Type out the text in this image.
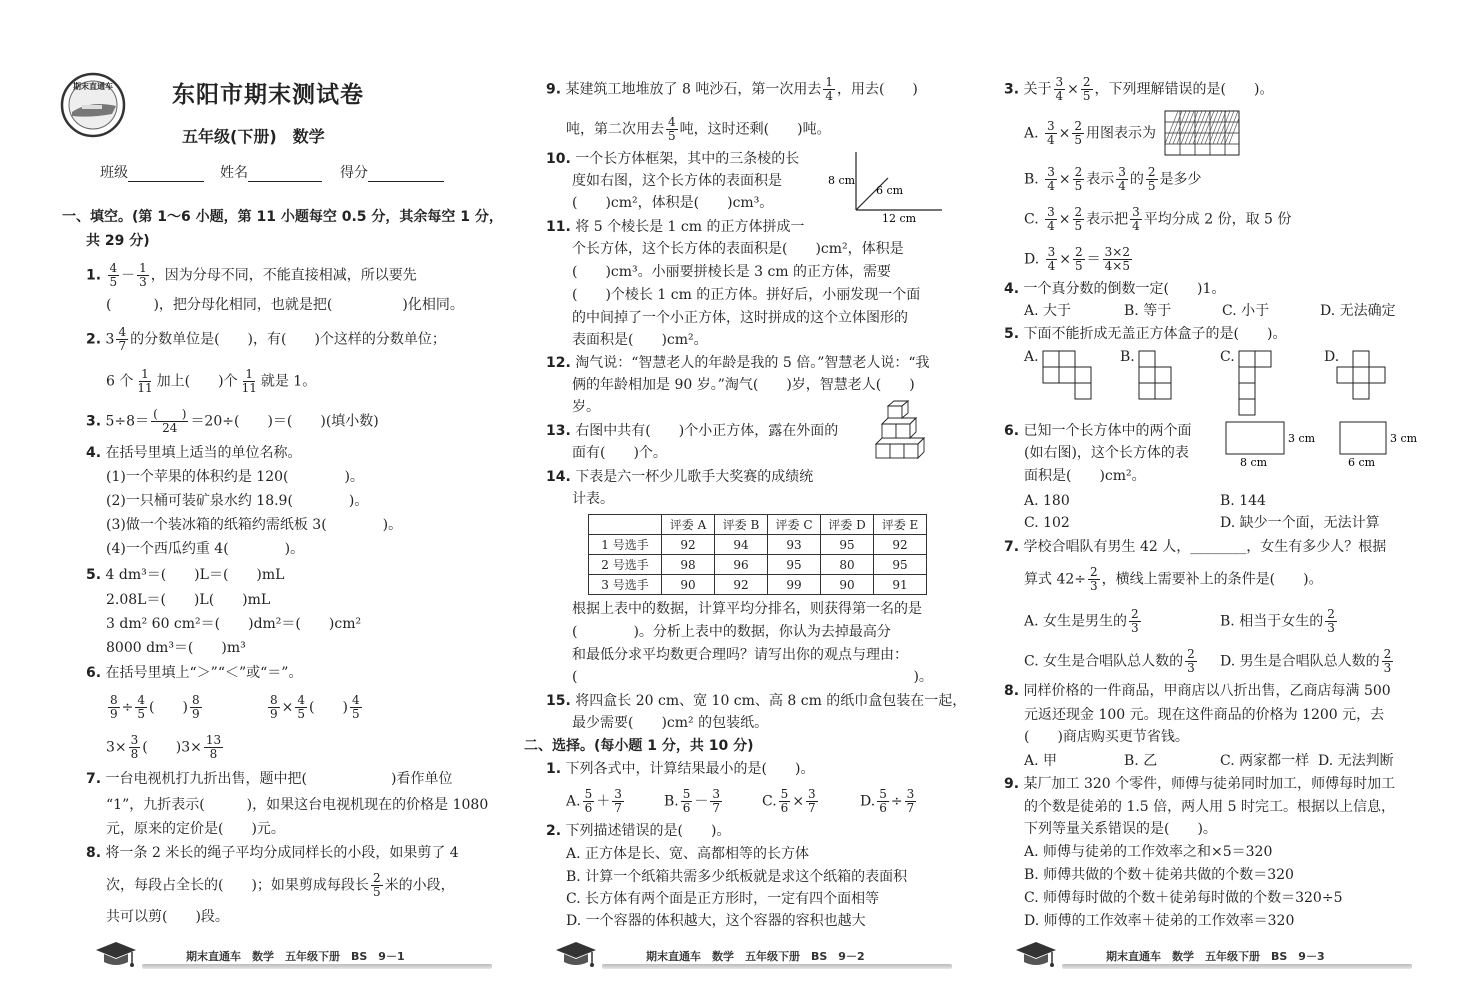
期末直通车	东阳市期末测试卷
五年级(下册)　数学
班级	姓名	得分
一、填空。(第 1～6 小题，第 11 小题每空 0.5 分，其余每空 1 分，
共 29 分)
1. $\frac{4}{5} - \frac{1}{3}$ ，因为分母不同，不能直接相减，所以要先
(　　　)，把分母化相同，也就是把(　　　　　)化相同。
2. $3 \frac{4}{7}$ 的分数单位是(　　)，有(　　)个这样的分数单位；
6 个 $\frac{1}{11}$ 加上(　　)个 $\frac{1}{11}$ 就是 1。
3. $5\div 8= \frac{( )}{24} =20\div$(　　)＝(　　)(填小数)
4. 在括号里填上适当的单位名称。
(1)一个苹果的体积约是 120(　　　　)。
(2)一只桶可装矿泉水约 18.9(　　　　)。
(3)做一个装冰箱的纸箱约需纸板 3(　　　　)。
(4)一个西瓜约重 4(　　　　)。
5. 4 dm³＝(　　)L＝(　　)mL
2.08L＝(　　)L(　　)mL
3 dm² 60 cm²＝(　　)dm²＝(　　)cm²
8000 dm³＝(　　)m³
6. 在括号里填上“＞”“＜”或“＝”。
$\frac{8}{9} \div \frac{4}{5}$ (　　) $\frac{8}{9}$	$\frac{8}{9} \times \frac{4}{5}$ (　　) $\frac{4}{5}$
$3\times \frac{3}{8}$ (　　)$3\times \frac{13}{8}$
7. 一台电视机打九折出售，题中把(　　　　　　)看作单位
“1”，九折表示(　　　)，如果这台电视机现在的价格是 1080
元，原来的定价是(　　)元。
8. 将一条 2 米长的绳子平均分成同样长的小段，如果剪了 4
次，每段占全长的(　　)；如果剪成每段长 $\frac{2}{5}$ 米的小段，
共可以剪(　　)段。
期末直通车　数学　五年级下册　BS　9－1
9. 某建筑工地堆放了 8 吨沙石，第一次用去 $\frac{1}{4}$ ，用去(　　)
吨，第二次用去 $\frac{4}{5}$ 吨，这时还剩(　　)吨。
10. 一个长方体框架，其中的三条棱的长
度如右图，这个长方体的表面积是
(　　)cm²，体积是(　　)cm³。
8 cm
6 cm
12 cm
11. 将 5 个棱长是 1 cm 的正方体拼成一
个长方体，这个长方体的表面积是(　　)cm²，体积是
(　　)cm³。小丽要拼棱长是 3 cm 的正方体，需要
(　　)个棱长 1 cm 的正方体。拼好后，小丽发现一个面
的中间掉了一个小正方体，这时拼成的这个立体图形的
表面积是(　　)cm²。
12. 淘气说：“智慧老人的年龄是我的 5 倍。”智慧老人说：“我
俩的年龄相加是 90 岁。”淘气(　　)岁，智慧老人(　　)
岁。
13. 右图中共有(　　)个小正方体，露在外面的
面有(　　)个。
14. 下表是六一杯少儿歌手大奖赛的成绩统
计表。
	评委 A	评委 B	评委 C	评委 D	评委 E
1 号选手	92	94	93	95	92
2 号选手	98	96	95	80	95
3 号选手	90	92	99	90	91
根据上表中的数据，计算平均分排名，则获得第一名的是
(　　　　)。分析上表中的数据，你认为去掉最高分
和最低分求平均数更合理吗？请写出你的观点与理由：
(　　　　　　　　　　　　　　　　　　　　　　　　)。
15. 将四盒长 20 cm、宽 10 cm、高 8 cm 的纸巾盒包装在一起，
最少需要(　　)cm² 的包装纸。
二、选择。(每小题 1 分，共 10 分)
1. 下列各式中，计算结果最小的是(　　)。
A. $\frac{5}{6} + \frac{3}{7}$	B. $\frac{5}{6} - \frac{3}{7}$	C. $\frac{5}{6} \times \frac{3}{7}$	D. $\frac{5}{6} \div \frac{3}{7}$
2. 下列描述错误的是(　　)。
A. 正方体是长、宽、高都相等的长方体
B. 计算一个纸箱共需多少纸板就是求这个纸箱的表面积
C. 长方体有两个面是正方形时，一定有四个面相等
D. 一个容器的体积越大，这个容器的容积也越大
期末直通车　数学　五年级下册　BS　9－2
3. 关于 $\frac{3}{4} \times \frac{2}{5}$ ，下列理解错误的是(　　)。
A. $\frac{3}{4} \times \frac{2}{5}$ 用图表示为
B. $\frac{3}{4} \times \frac{2}{5}$ 表示 $\frac{3}{4}$ 的 $\frac{2}{5}$ 是多少
C. $\frac{3}{4} \times \frac{2}{5}$ 表示把 $\frac{3}{4}$ 平均分成 2 份，取 5 份
D. $\frac{3}{4} \times \frac{2}{5} = \frac{3\times 2}{4\times 5}$
4. 一个真分数的倒数一定(　　)1。
A. 大于	B. 等于	C. 小于	D. 无法确定
5. 下面不能折成无盖正方体盒子的是(　　)。
A.	B.	C.	D.
6. 已知一个长方体中的两个面
(如右图)，这个长方体的表
面积是(　　)cm²。
3 cm
8 cm
3 cm
6 cm
A. 180	B. 144
C. 102	D. 缺少一个面，无法计算
7. 学校合唱队有男生 42 人，________，女生有多少人？根据
算式 $42\div \frac{2}{3}$ ，横线上需要补上的条件是(　　)。
A. 女生是男生的 $\frac{2}{3}$	B. 相当于女生的 $\frac{2}{3}$
C. 女生是合唱队总人数的 $\frac{2}{3} D$. 男生是合唱队总人数的 $\frac{2}{3}$
8. 同样价格的一件商品，甲商店以八折出售，乙商店每满 500
元返还现金 100 元。现在这件商品的价格为 1200 元，去
(　　)商店购买更节省钱。
A. 甲	B. 乙	C. 两家都一样 D. 无法判断
9. 某厂加工 320 个零件，师傅与徒弟同时加工，师傅每时加工
的个数是徒弟的 1.5 倍，两人用 5 时完工。根据以上信息，
下列等量关系错误的是(　　)。
A. 师傅与徒弟的工作效率之和×5＝320
B. 师傅共做的个数＋徒弟共做的个数＝320
C. 师傅每时做的个数＋徒弟每时做的个数＝320÷5
D. 师傅的工作效率＋徒弟的工作效率＝320
期末直通车　数学　五年级下册　BS　9－3
